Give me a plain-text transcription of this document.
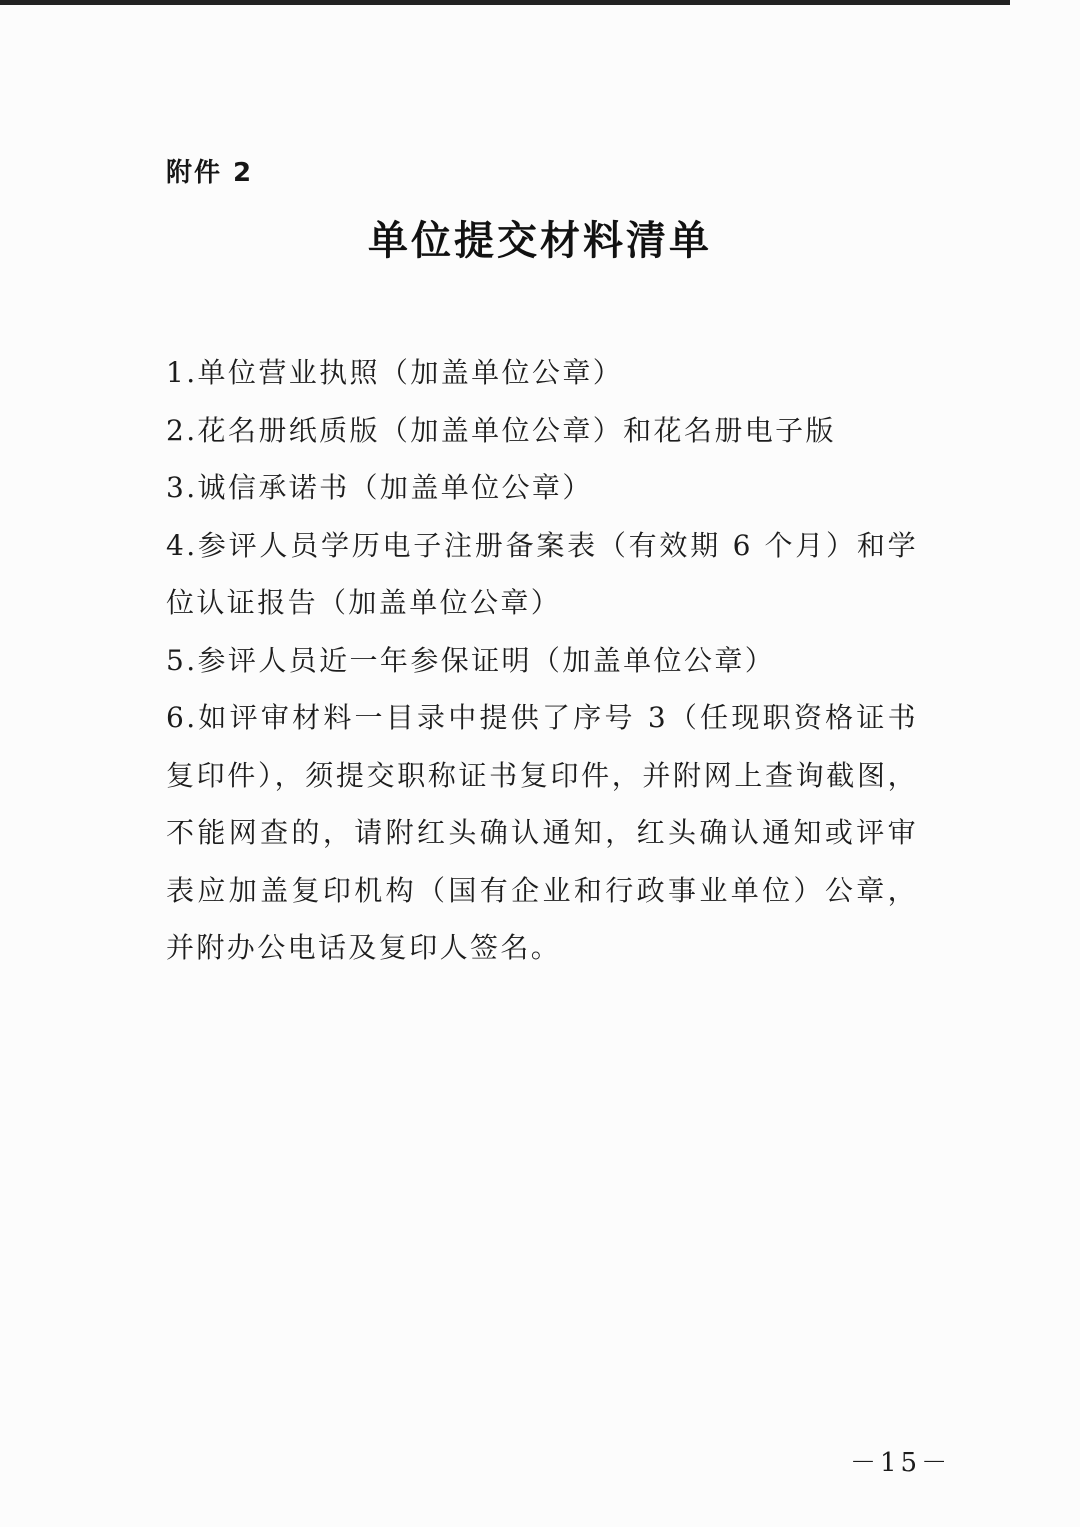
附件 2
单位提交材料清单

1.单位营业执照（加盖单位公章）

2.花名册纸质版（加盖单位公章）和花名册电子版

3.诚信承诺书（加盖单位公章）

4.参评人员学历电子注册备案表（有效期 6 个月）和学位认证报告（加盖单位公章）

5.参评人员近一年参保证明（加盖单位公章）

6.如评审材料一目录中提供了序号 3（任现职资格证书复印件），须提交职称证书复印件，并附网上查询截图，不能网查的，请附红头确认通知，红头确认通知或评审表应加盖复印机构（国有企业和行政事业单位）公章，并附办公电话及复印人签名。

－15－
